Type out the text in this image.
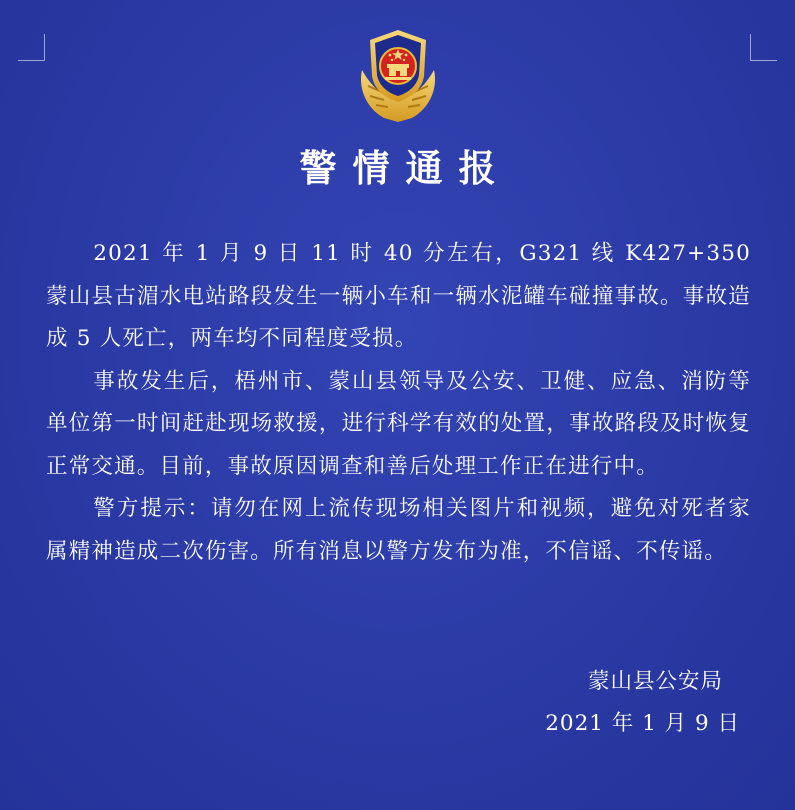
警情通报

2021 年 1 月 9 日 11 时 40 分左右，G321 线 K427+350 蒙山县古湄水电站路段发生一辆小车和一辆水泥罐车碰撞事故。事故造成 5 人死亡，两车均不同程度受损。

事故发生后，梧州市、蒙山县领导及公安、卫健、应急、消防等单位第一时间赶赴现场救援，进行科学有效的处置，事故路段及时恢复正常交通。目前，事故原因调查和善后处理工作正在进行中。

警方提示：请勿在网上流传现场相关图片和视频，避免对死者家属精神造成二次伤害。所有消息以警方发布为准，不信谣、不传谣。

蒙山县公安局
2021 年 1 月 9 日
